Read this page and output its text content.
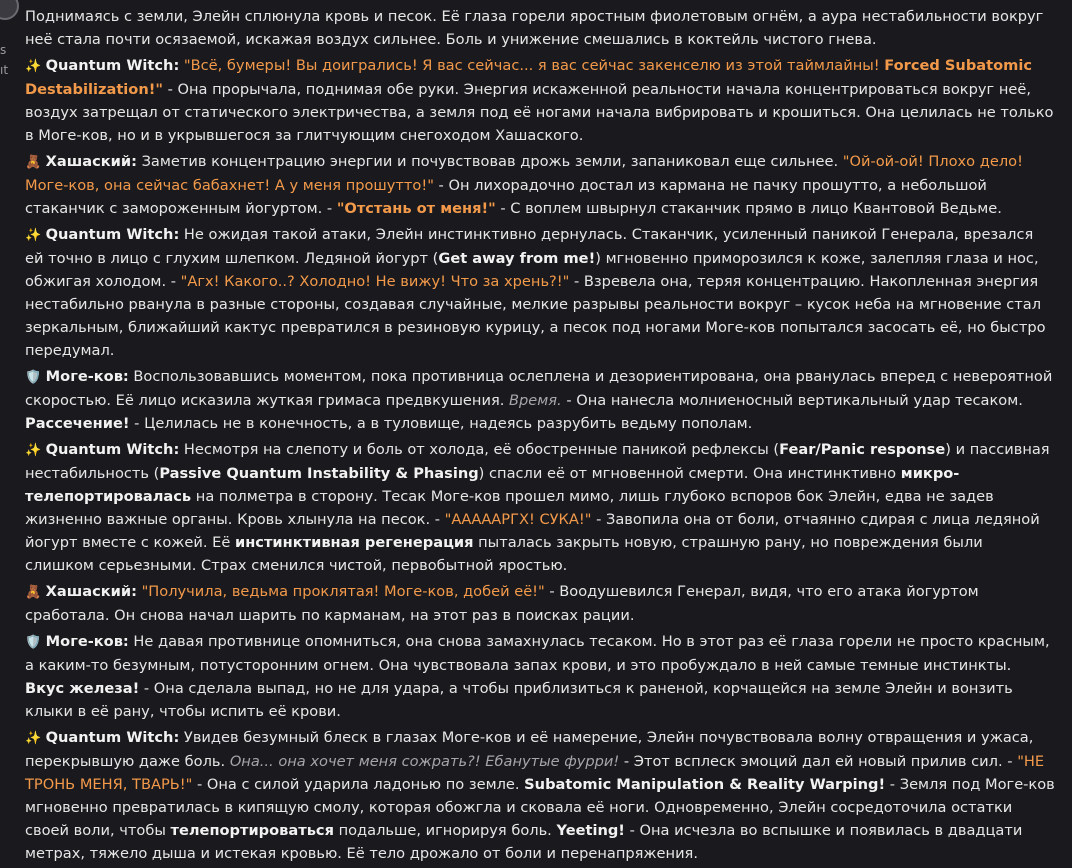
s
ıt

Поднимаясь с земли, Элейн сплюнула кровь и песок. Её глаза горели яростным фиолетовым огнём, а аура нестабильности вокруг неё стала почти осязаемой, искажая воздух сильнее. Боль и унижение смешались в коктейль чистого гнева.

✨ Quantum Witch: "Всё, бумеры! Вы доигрались! Я вас сейчас... я вас сейчас закенселю из этой таймлайны! Forced Subatomic Destabilization!" - Она прорычала, поднимая обе руки. Энергия искаженной реальности начала концентрироваться вокруг неё, воздух затрещал от статического электричества, а земля под её ногами начала вибрировать и крошиться. Она целилась не только в Моге-ков, но и в укрывшегося за глитчующим снегоходом Хашаского.

🧸 Хашаский: Заметив концентрацию энергии и почувствовав дрожь земли, запаниковал еще сильнее. "Ой-ой-ой! Плохо дело! Моге-ков, она сейчас бабахнет! А у меня прошутто!" - Он лихорадочно достал из кармана не пачку прошутто, а небольшой стаканчик с замороженным йогуртом. - "Отстань от меня!" - С воплем швырнул стаканчик прямо в лицо Квантовой Ведьме.

✨ Quantum Witch: Не ожидая такой атаки, Элейн инстинктивно дернулась. Стаканчик, усиленный паникой Генерала, врезался ей точно в лицо с глухим шлепком. Ледяной йогурт (Get away from me!) мгновенно приморозился к коже, залепляя глаза и нос, обжигая холодом. - "Агх! Какого..? Холодно! Не вижу! Что за хрень?!" - Взревела она, теряя концентрацию. Накопленная энергия нестабильно рванула в разные стороны, создавая случайные, мелкие разрывы реальности вокруг – кусок неба на мгновение стал зеркальным, ближайший кактус превратился в резиновую курицу, а песок под ногами Моге-ков попытался засосать её, но быстро передумал.

🛡️ Моге-ков: Воспользовавшись моментом, пока противница ослеплена и дезориентирована, она рванулась вперед с невероятной скоростью. Её лицо исказила жуткая гримаса предвкушения. Время. - Она нанесла молниеносный вертикальный удар тесаком. Рассечение! - Целилась не в конечность, а в туловище, надеясь разрубить ведьму пополам.

✨ Quantum Witch: Несмотря на слепоту и боль от холода, её обостренные паникой рефлексы (Fear/Panic response) и пассивная нестабильность (Passive Quantum Instability & Phasing) спасли её от мгновенной смерти. Она инстинктивно микро-телепортировалась на полметра в сторону. Тесак Моге-ков прошел мимо, лишь глубоко вспоров бок Элейн, едва не задев жизненно важные органы. Кровь хлынула на песок. - "АААААРГХ! СУКА!" - Завопила она от боли, отчаянно сдирая с лица ледяной йогурт вместе с кожей. Её инстинктивная регенерация пыталась закрыть новую, страшную рану, но повреждения были слишком серьезными. Страх сменился чистой, первобытной яростью.

🧸 Хашаский: "Получила, ведьма проклятая! Моге-ков, добей её!" - Воодушевился Генерал, видя, что его атака йогуртом сработала. Он снова начал шарить по карманам, на этот раз в поисках рации.

🛡️ Моге-ков: Не давая противнице опомниться, она снова замахнулась тесаком. Но в этот раз её глаза горели не просто красным, а каким-то безумным, потусторонним огнем. Она чувствовала запах крови, и это пробуждало в ней самые темные инстинкты. Вкус железа! - Она сделала выпад, но не для удара, а чтобы приблизиться к раненой, корчащейся на земле Элейн и вонзить клыки в её рану, чтобы испить её крови.

✨ Quantum Witch: Увидев безумный блеск в глазах Моге-ков и её намерение, Элейн почувствовала волну отвращения и ужаса, перекрывшую даже боль. Она... она хочет меня сожрать?! Ебанутые фурри! - Этот всплеск эмоций дал ей новый прилив сил. - "НЕ ТРОНЬ МЕНЯ, ТВАРЬ!" - Она с силой ударила ладонью по земле. Subatomic Manipulation & Reality Warping! - Земля под Моге-ков мгновенно превратилась в кипящую смолу, которая обожгла и сковала её ноги. Одновременно, Элейн сосредоточила остатки своей воли, чтобы телепортироваться подальше, игнорируя боль. Yeeting! - Она исчезла во вспышке и появилась в двадцати метрах, тяжело дыша и истекая кровью. Её тело дрожало от боли и перенапряжения.
